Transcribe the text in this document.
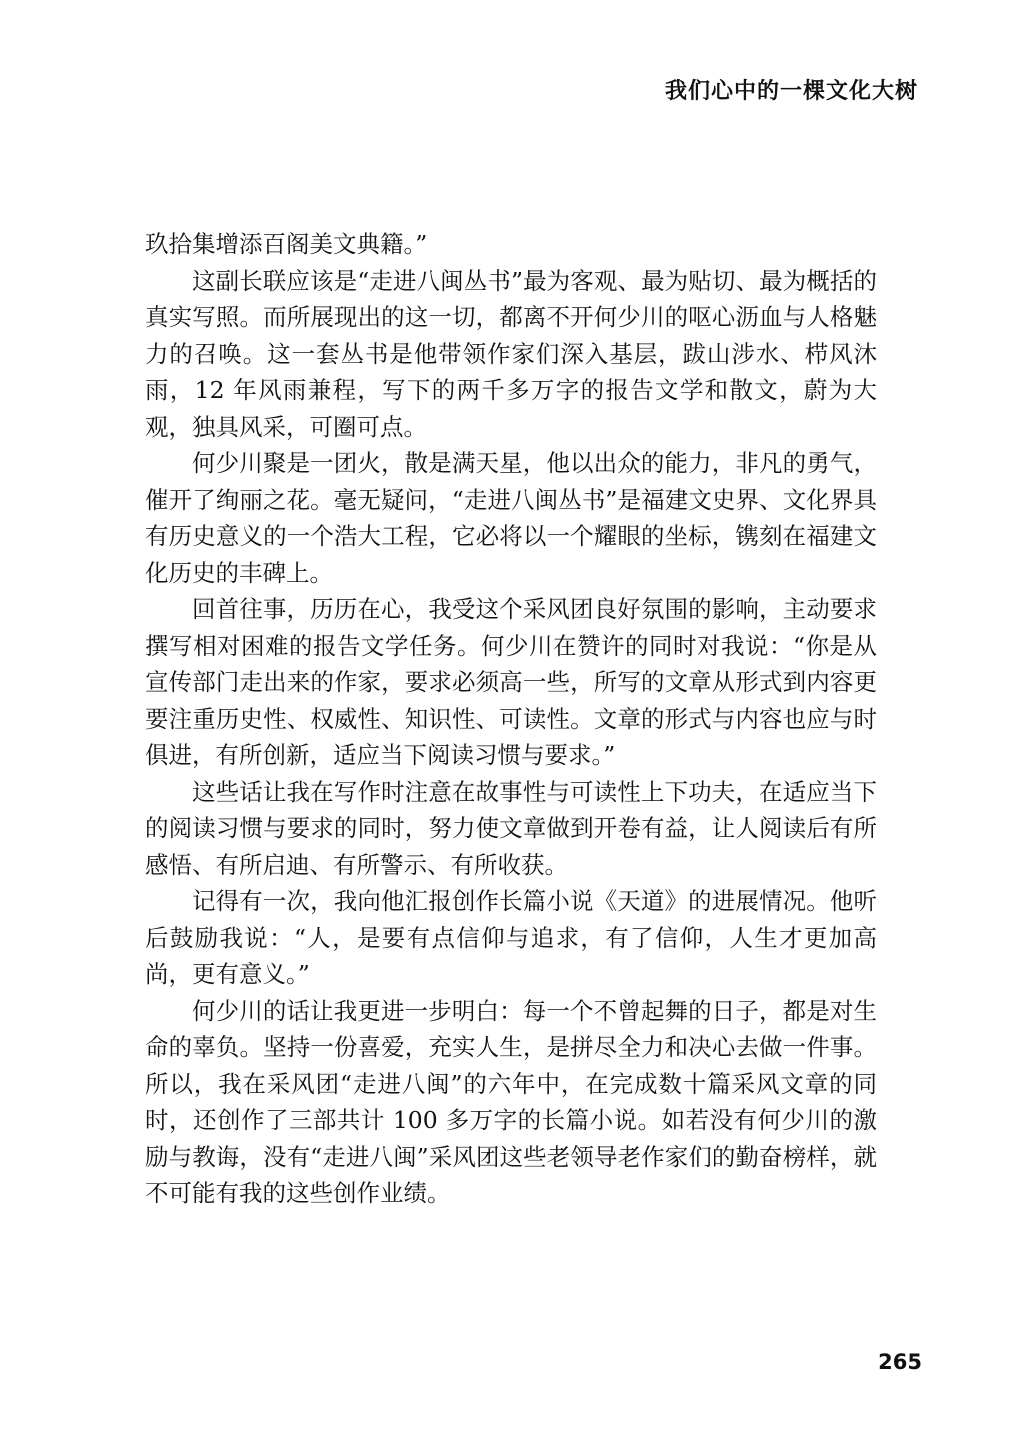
我们心中的一棵文化大树

玖拾集增添百阁美文典籍。”

这副长联应该是“走进八闽丛书”最为客观、最为贴切、最为概括的真实写照。而所展现出的这一切，都离不开何少川的呕心沥血与人格魅力的召唤。这一套丛书是他带领作家们深入基层，跋山涉水、栉风沐雨，12 年风雨兼程，写下的两千多万字的报告文学和散文，蔚为大观，独具风采，可圈可点。

何少川聚是一团火，散是满天星，他以出众的能力，非凡的勇气，催开了绚丽之花。毫无疑问，“走进八闽丛书”是福建文史界、文化界具有历史意义的一个浩大工程，它必将以一个耀眼的坐标，镌刻在福建文化历史的丰碑上。

回首往事，历历在心，我受这个采风团良好氛围的影响，主动要求撰写相对困难的报告文学任务。何少川在赞许的同时对我说：“你是从宣传部门走出来的作家，要求必须高一些，所写的文章从形式到内容更要注重历史性、权威性、知识性、可读性。文章的形式与内容也应与时俱进，有所创新，适应当下阅读习惯与要求。”

这些话让我在写作时注意在故事性与可读性上下功夫，在适应当下的阅读习惯与要求的同时，努力使文章做到开卷有益，让人阅读后有所感悟、有所启迪、有所警示、有所收获。

记得有一次，我向他汇报创作长篇小说《天道》的进展情况。他听后鼓励我说：“人，是要有点信仰与追求，有了信仰，人生才更加高尚，更有意义。”

何少川的话让我更进一步明白：每一个不曾起舞的日子，都是对生命的辜负。坚持一份喜爱，充实人生，是拼尽全力和决心去做一件事。所以，我在采风团“走进八闽”的六年中，在完成数十篇采风文章的同时，还创作了三部共计 100 多万字的长篇小说。如若没有何少川的激励与教诲，没有“走进八闽”采风团这些老领导老作家们的勤奋榜样，就不可能有我的这些创作业绩。

265
